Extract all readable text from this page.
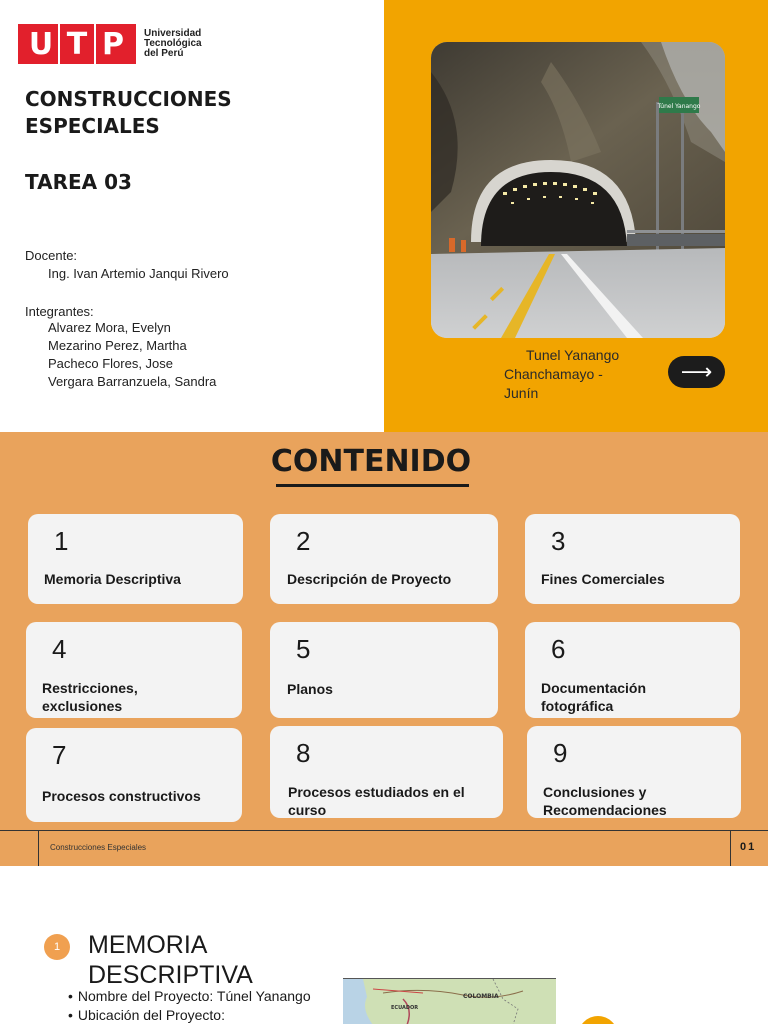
U T P	Universidad
Tecnológica
del Perú
CONSTRUCCIONES
ESPECIALES
TAREA 03
Docente:
Ing. Ivan Artemio Janqui Rivero
Integrantes:
Alvarez Mora, Evelyn
Mezarino Perez, Martha
Pacheco Flores, Jose
Vergara Barranzuela, Sandra
Túnel Yanango
Tunel Yanango
Chanchamayo -
Junín
⟶
CONTENIDO
1
Memoria Descriptiva
2
Descripción de Proyecto
3
Fines Comerciales
4
Restricciones, exclusiones
5
Planos
6
Documentación fotográfica
7
Procesos constructivos
8
Procesos estudiados en el curso
9
Conclusiones y Recomendaciones
Construcciones Especiales	01
1	MEMORIA
DESCRIPTIVA
• Nombre del Proyecto: Túnel Yanango
• Ubicación del Proyecto:
COLOMBIA
ECUADOR
